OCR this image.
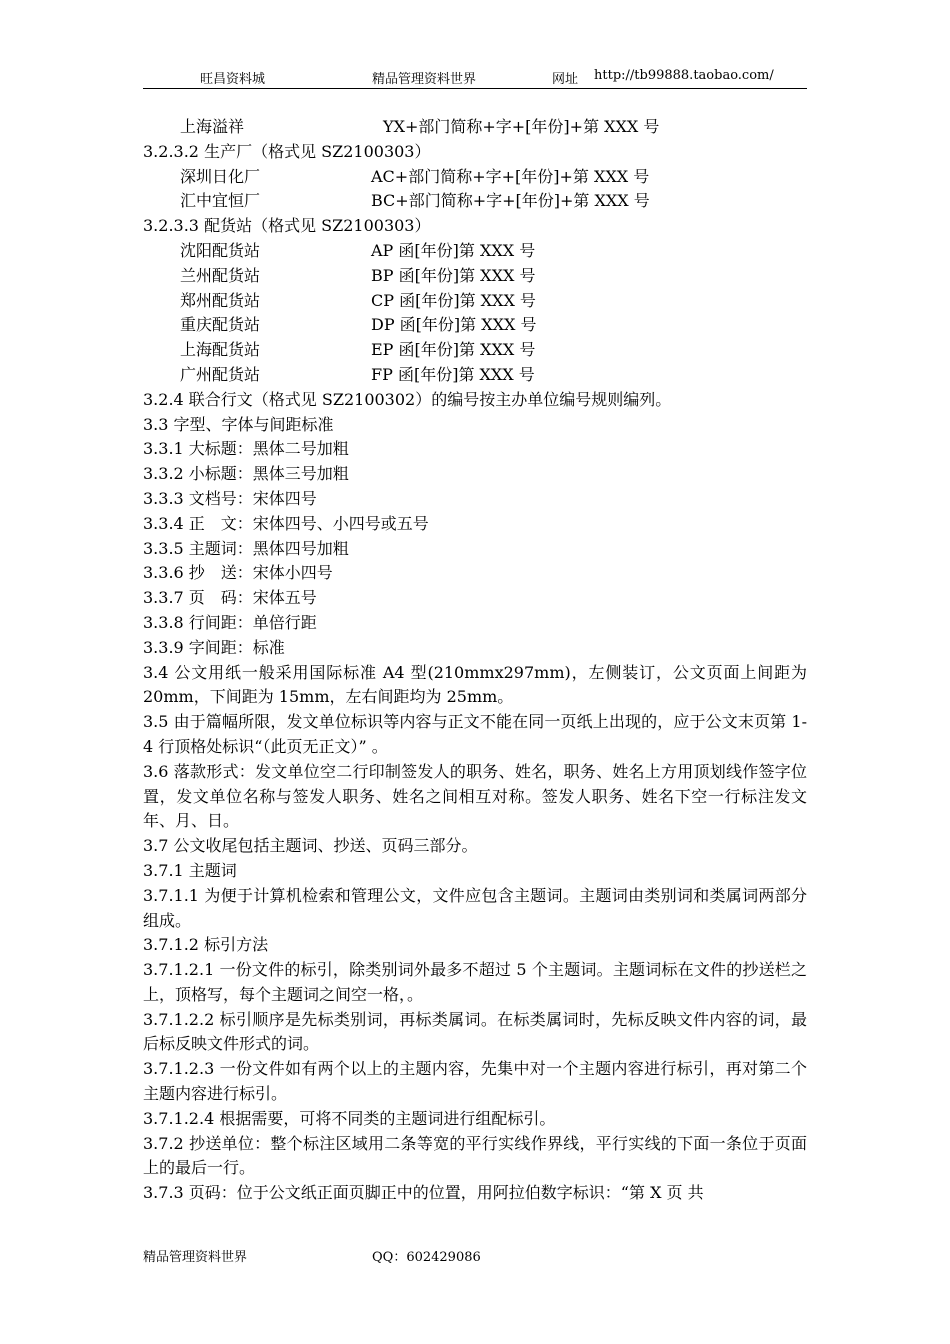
旺昌资料城	精品管理资料世界	网址 http://tb99888.taobao.com/
上海溢祥	YX+部门简称+字+[年份]+第 XXX 号
3.2.3.2 生产厂（格式见 SZ2100303）
深圳日化厂	AC+部门简称+字+[年份]+第 XXX 号
汇中宜恒厂	BC+部门简称+字+[年份]+第 XXX 号
3.2.3.3 配货站（格式见 SZ2100303）
沈阳配货站	AP 函[年份]第 XXX 号
兰州配货站	BP 函[年份]第 XXX 号
郑州配货站	CP 函[年份]第 XXX 号
重庆配货站	DP 函[年份]第 XXX 号
上海配货站	EP 函[年份]第 XXX 号
广州配货站	FP 函[年份]第 XXX 号
3.2.4 联合行文（格式见 SZ2100302）的编号按主办单位编号规则编列。
3.3 字型、字体与间距标准
3.3.1 大标题：黑体二号加粗
3.3.2 小标题：黑体三号加粗
3.3.3 文档号：宋体四号
3.3.4 正　文：宋体四号、小四号或五号
3.3.5 主题词：黑体四号加粗
3.3.6 抄　送：宋体小四号
3.3.7 页　码：宋体五号
3.3.8 行间距：单倍行距
3.3.9 字间距：标准
3.4 公文用纸一般采用国际标准 A4 型(210mmx297mm)，左侧装订，公文页面上间距为 20mm，下间距为 15mm，左右间距均为 25mm。
3.5 由于篇幅所限，发文单位标识等内容与正文不能在同一页纸上出现的，应于公文末页第 1-4 行顶格处标识“（此页无正文）” 。
3.6 落款形式：发文单位空二行印制签发人的职务、姓名，职务、姓名上方用顶划线作签字位置，发文单位名称与签发人职务、姓名之间相互对称。签发人职务、姓名下空一行标注发文年、月、日。
3.7 公文收尾包括主题词、抄送、页码三部分。
3.7.1 主题词
3.7.1.1 为便于计算机检索和管理公文，文件应包含主题词。主题词由类别词和类属词两部分组成。
3.7.1.2 标引方法
3.7.1.2.1 一份文件的标引，除类别词外最多不超过 5 个主题词。主题词标在文件的抄送栏之上，顶格写，每个主题词之间空一格，。
3.7.1.2.2 标引顺序是先标类别词，再标类属词。在标类属词时，先标反映文件内容的词，最后标反映文件形式的词。
3.7.1.2.3 一份文件如有两个以上的主题内容，先集中对一个主题内容进行标引，再对第二个主题内容进行标引。
3.7.1.2.4 根据需要，可将不同类的主题词进行组配标引。
3.7.2 抄送单位：整个标注区域用二条等宽的平行实线作界线，平行实线的下面一条位于页面上的最后一行。
3.7.3 页码：位于公文纸正面页脚正中的位置，用阿拉伯数字标识：“第 X 页 共
精品管理资料世界	QQ：602429086
